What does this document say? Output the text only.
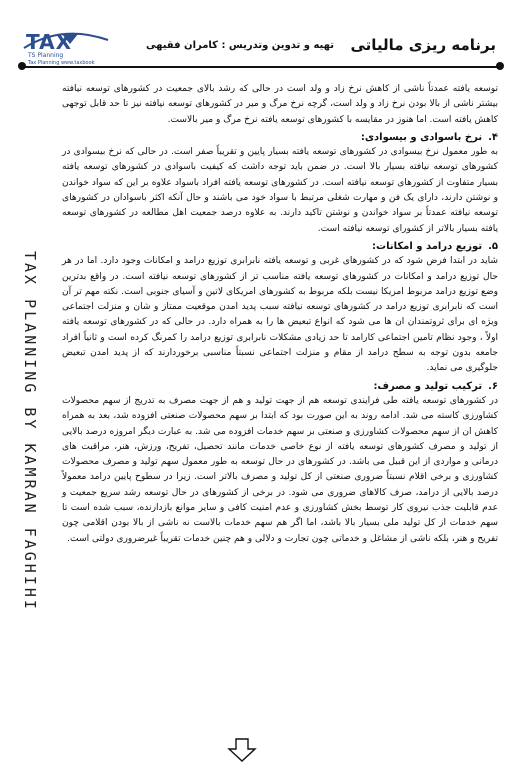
TAX
TS Planning
Tax Planning www.taxbook
تهیه و تدوین وتدریس : کامران فقیهی	برنامه ریزی مالیاتی
TAX PLANNING BY KAMRAN FAGHIHI

توسعه یافته عمدتاً ناشی از کاهش نرخ زاد و ولد است در حالی که رشد بالای جمعیت در کشورهای توسعه نیافته بیشتر ناشی از بالا بودن نرخ زاد و ولد است، گرچه نرخ مرگ و میر در کشورهای توسعه نیافته نیز تا حد قابل توجهی کاهش یافته است. اما هنوز در مقایسه با کشورهای توسعه یافته نرخ مرگ و میر بالاست.

۴.نرخ باسوادی و بیسوادی:

به طور معمول نرخ بیسوادی در کشورهای توسعه یافته بسیار پایین و تقریباً صفر است. در حالی که نرخ بیسوادی در کشورهای توسعه نیافته بسیار بالا است. در ضمن باید توجه داشت که کیفیت باسوادی در کشورهای توسعه یافته بسیار متفاوت از کشورهای توسعه نیافته است. در کشورهای توسعه یافته افراد باسواد علاوه بر این که سواد خواندن و نوشتن دارند، دارای یک فن و مهارت شغلی مرتبط با سواد خود می باشند و حال آنکه اکثر باسوادان در کشورهای توسعه نیافته عمدتاً بر سواد خواندن و نوشتن تاکید دارند. به علاوه درصد جمعیت اهل مطالعه در کشورهای توسعه یافته بسیار بالاتر از کشورای توسعه نیافته است.

۵.توزیع درامد و امکانات:

شاید در ابتدا فرض شود که در کشورهای غربی و توسعه یافته نابرابری توزیع درامد و امکانات وجود دارد. اما در هر حال توزیع درامد و امکانات در کشورهای توسعه یافته مناسب تر از کشورهای توسعه نیافته است. در واقع بدترین وضع توزیع درامد مربوط امریکا نیست بلکه مربوط به کشورهای امریکای لاتین و آسیای جنوبی است. نکته مهم تر آن است که نابرابری توزیع درامد در کشورهای توسعه نیافته سبب پدید امدن موقعیت ممتاز و شان و منزلت اجتماعی ویژه ای برای ثروتمندان ان ها می شود که انواع تبعیض ها را به همراه دارد. در حالی که در کشورهای توسعه یافته اولاً ، وجود نظام تامین اجتماعی کارامد تا حد زیادی مشکلات نابرابری توزیع درامد را کمرنگ کرده است و ثانیاً افراد جامعه بدون توجه به سطح درامد از مقام و منزلت اجتماعی نسبتاً مناسبی برخوردارند که از پدید امدن تبعیض جلوگیری می نماید.

۶.ترکیب تولید و مصرف:

در کشورهای توسعه یافته طی فرایندی توسعه هم از جهت تولید و هم از جهت مصرف به تدریج از سهم محصولات کشاورزی کاسته می شد. ادامه روند به این صورت بود که ابتدا بر سهم محصولات صنعتی افزوده شد، بعد به همراه کاهش ان از سهم محصولات کشاورزی و صنعتی بر سهم خدمات افزوده می شد. به عبارت دیگر امروزه درصد بالایی از تولید و مصرف کشورهای توسعه یافته از نوع خاصی خدمات مانند تحصیل، تفریح، ورزش، هنر، مراقبت های درمانی و مواردی از این قبیل می باشد. در کشورهای در حال توسعه به طور معمول سهم تولید و مصرف محصولات کشاورزی و برخی اقلام نسبتاً ضروری صنعتی از کل تولید و مصرف بالاتر است. زیرا در سطوح پایین درامد معمولاً درصد بالایی از درامد، صرف کالاهای ضروری می شود. در برخی از کشورهای در حال توسعه رشد سریع جمعیت و عدم قابلیت جذب نیروی کار توسط بخش کشاورزی و عدم امنیت کافی و سایر موانع بازدارنده، سبب شده است تا سهم خدمات از کل تولید ملی بسیار بالا باشد، اما اگر هم سهم خدمات بالاست نه ناشی از بالا بودن اقلامی چون تفریح و هنر، بلکه ناشی از مشاغل و خدماتی چون تجارت و دلالی و هم چنین خدمات تقریباً غیرضروری دولتی است.
